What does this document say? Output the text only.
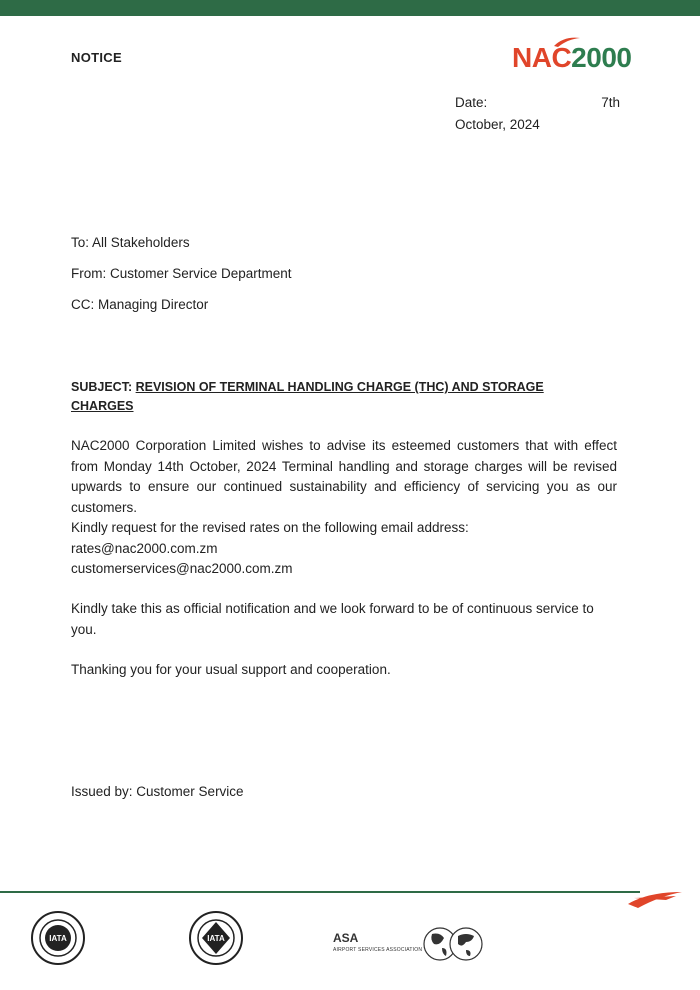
NOTICE	NAC2000
Date:	7th
October, 2024
To: All Stakeholders
From: Customer Service Department
CC: Managing Director
SUBJECT: REVISION OF TERMINAL HANDLING CHARGE (THC) AND STORAGE CHARGES

NAC2000 Corporation Limited wishes to advise its esteemed customers that with effect from Monday 14th October, 2024 Terminal handling and storage charges will be revised upwards to ensure our continued sustainability and efficiency of servicing you as our customers.

Kindly request for the revised rates on the following email address:

rates@nac2000.com.zm

customerservices@nac2000.com.zm

Kindly take this as official notification and we look forward to be of continuous service to you.
Thanking you for your usual support and cooperation.
Issued by: Customer Service
IATA	IATA	ASA
AIRPORT SERVICES ASSOCIATION
